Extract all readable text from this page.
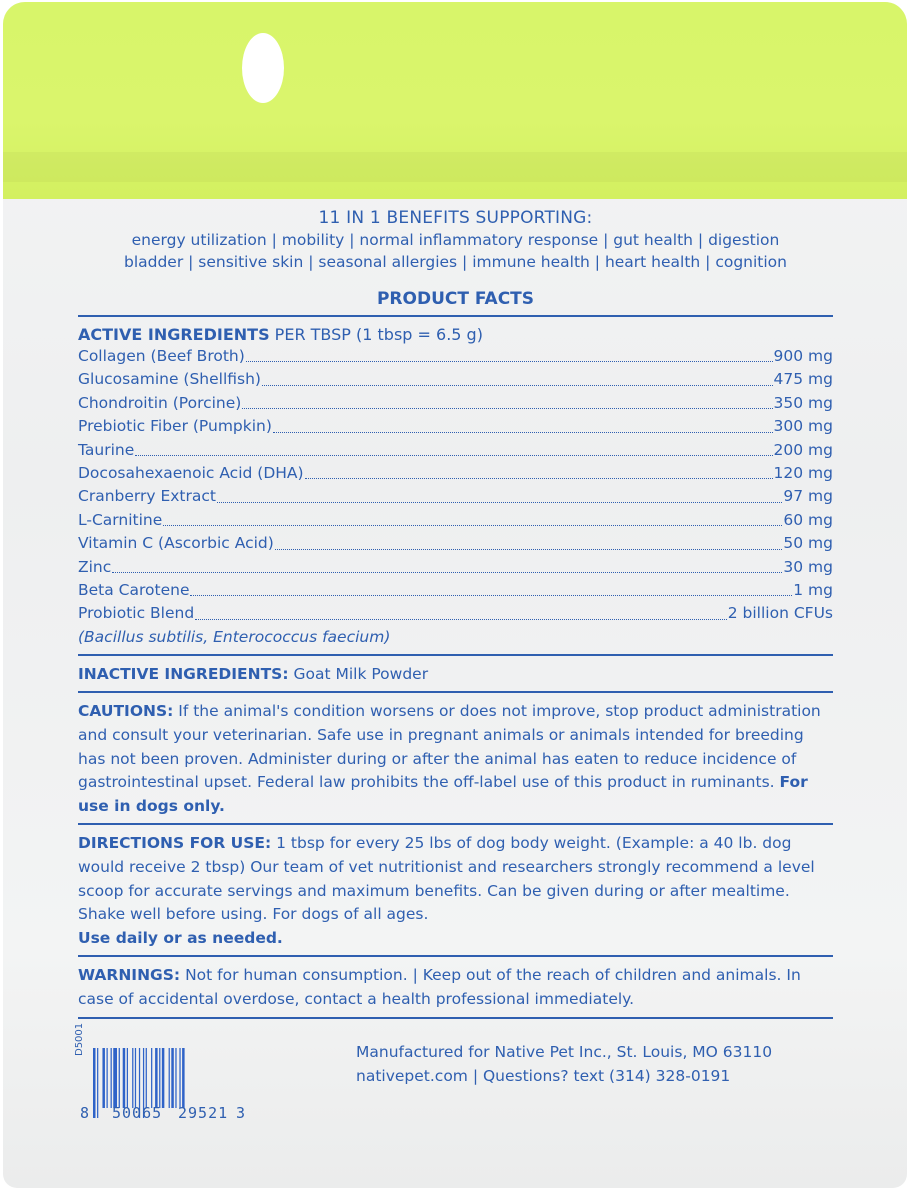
11 IN 1 BENEFITS SUPPORTING:
energy utilization | mobility | normal inflammatory response | gut health | digestion
bladder | sensitive skin | seasonal allergies | immune health | heart health | cognition
PRODUCT FACTS
ACTIVE INGREDIENTS PER TBSP (1 tbsp = 6.5 g)
Collagen (Beef Broth)	900 mg
Glucosamine (Shellfish)	475 mg
Chondroitin (Porcine)	350 mg
Prebiotic Fiber (Pumpkin)	300 mg
Taurine	200 mg
Docosahexaenoic Acid (DHA)	120 mg
Cranberry Extract	97 mg
L-Carnitine	60 mg
Vitamin C (Ascorbic Acid)	50 mg
Zinc	30 mg
Beta Carotene	1 mg
Probiotic Blend	2 billion CFUs
(Bacillus subtilis, Enterococcus faecium)
INACTIVE INGREDIENTS: Goat Milk Powder
CAUTIONS: If the animal's condition worsens or does not improve, stop product administration and consult your veterinarian. Safe use in pregnant animals or animals intended for breeding has not been proven. Administer during or after the animal has eaten to reduce incidence of gastrointestinal upset. Federal law prohibits the off-label use of this product in ruminants. For use in dogs only.
DIRECTIONS FOR USE: 1 tbsp for every 25 lbs of dog body weight. (Example: a 40 lb. dog would receive 2 tbsp) Our team of vet nutritionist and researchers strongly recommend a level scoop for accurate servings and maximum benefits. Can be given during or after mealtime. Shake well before using. For dogs of all ages.
Use daily or as needed.
WARNINGS: Not for human consumption. | Keep out of the reach of children and animals. In case of accidental overdose, contact a health professional immediately.
D5001
8 50065 29521 3
Manufactured for Native Pet Inc., St. Louis, MO 63110
nativepet.com | Questions? text (314) 328-0191
